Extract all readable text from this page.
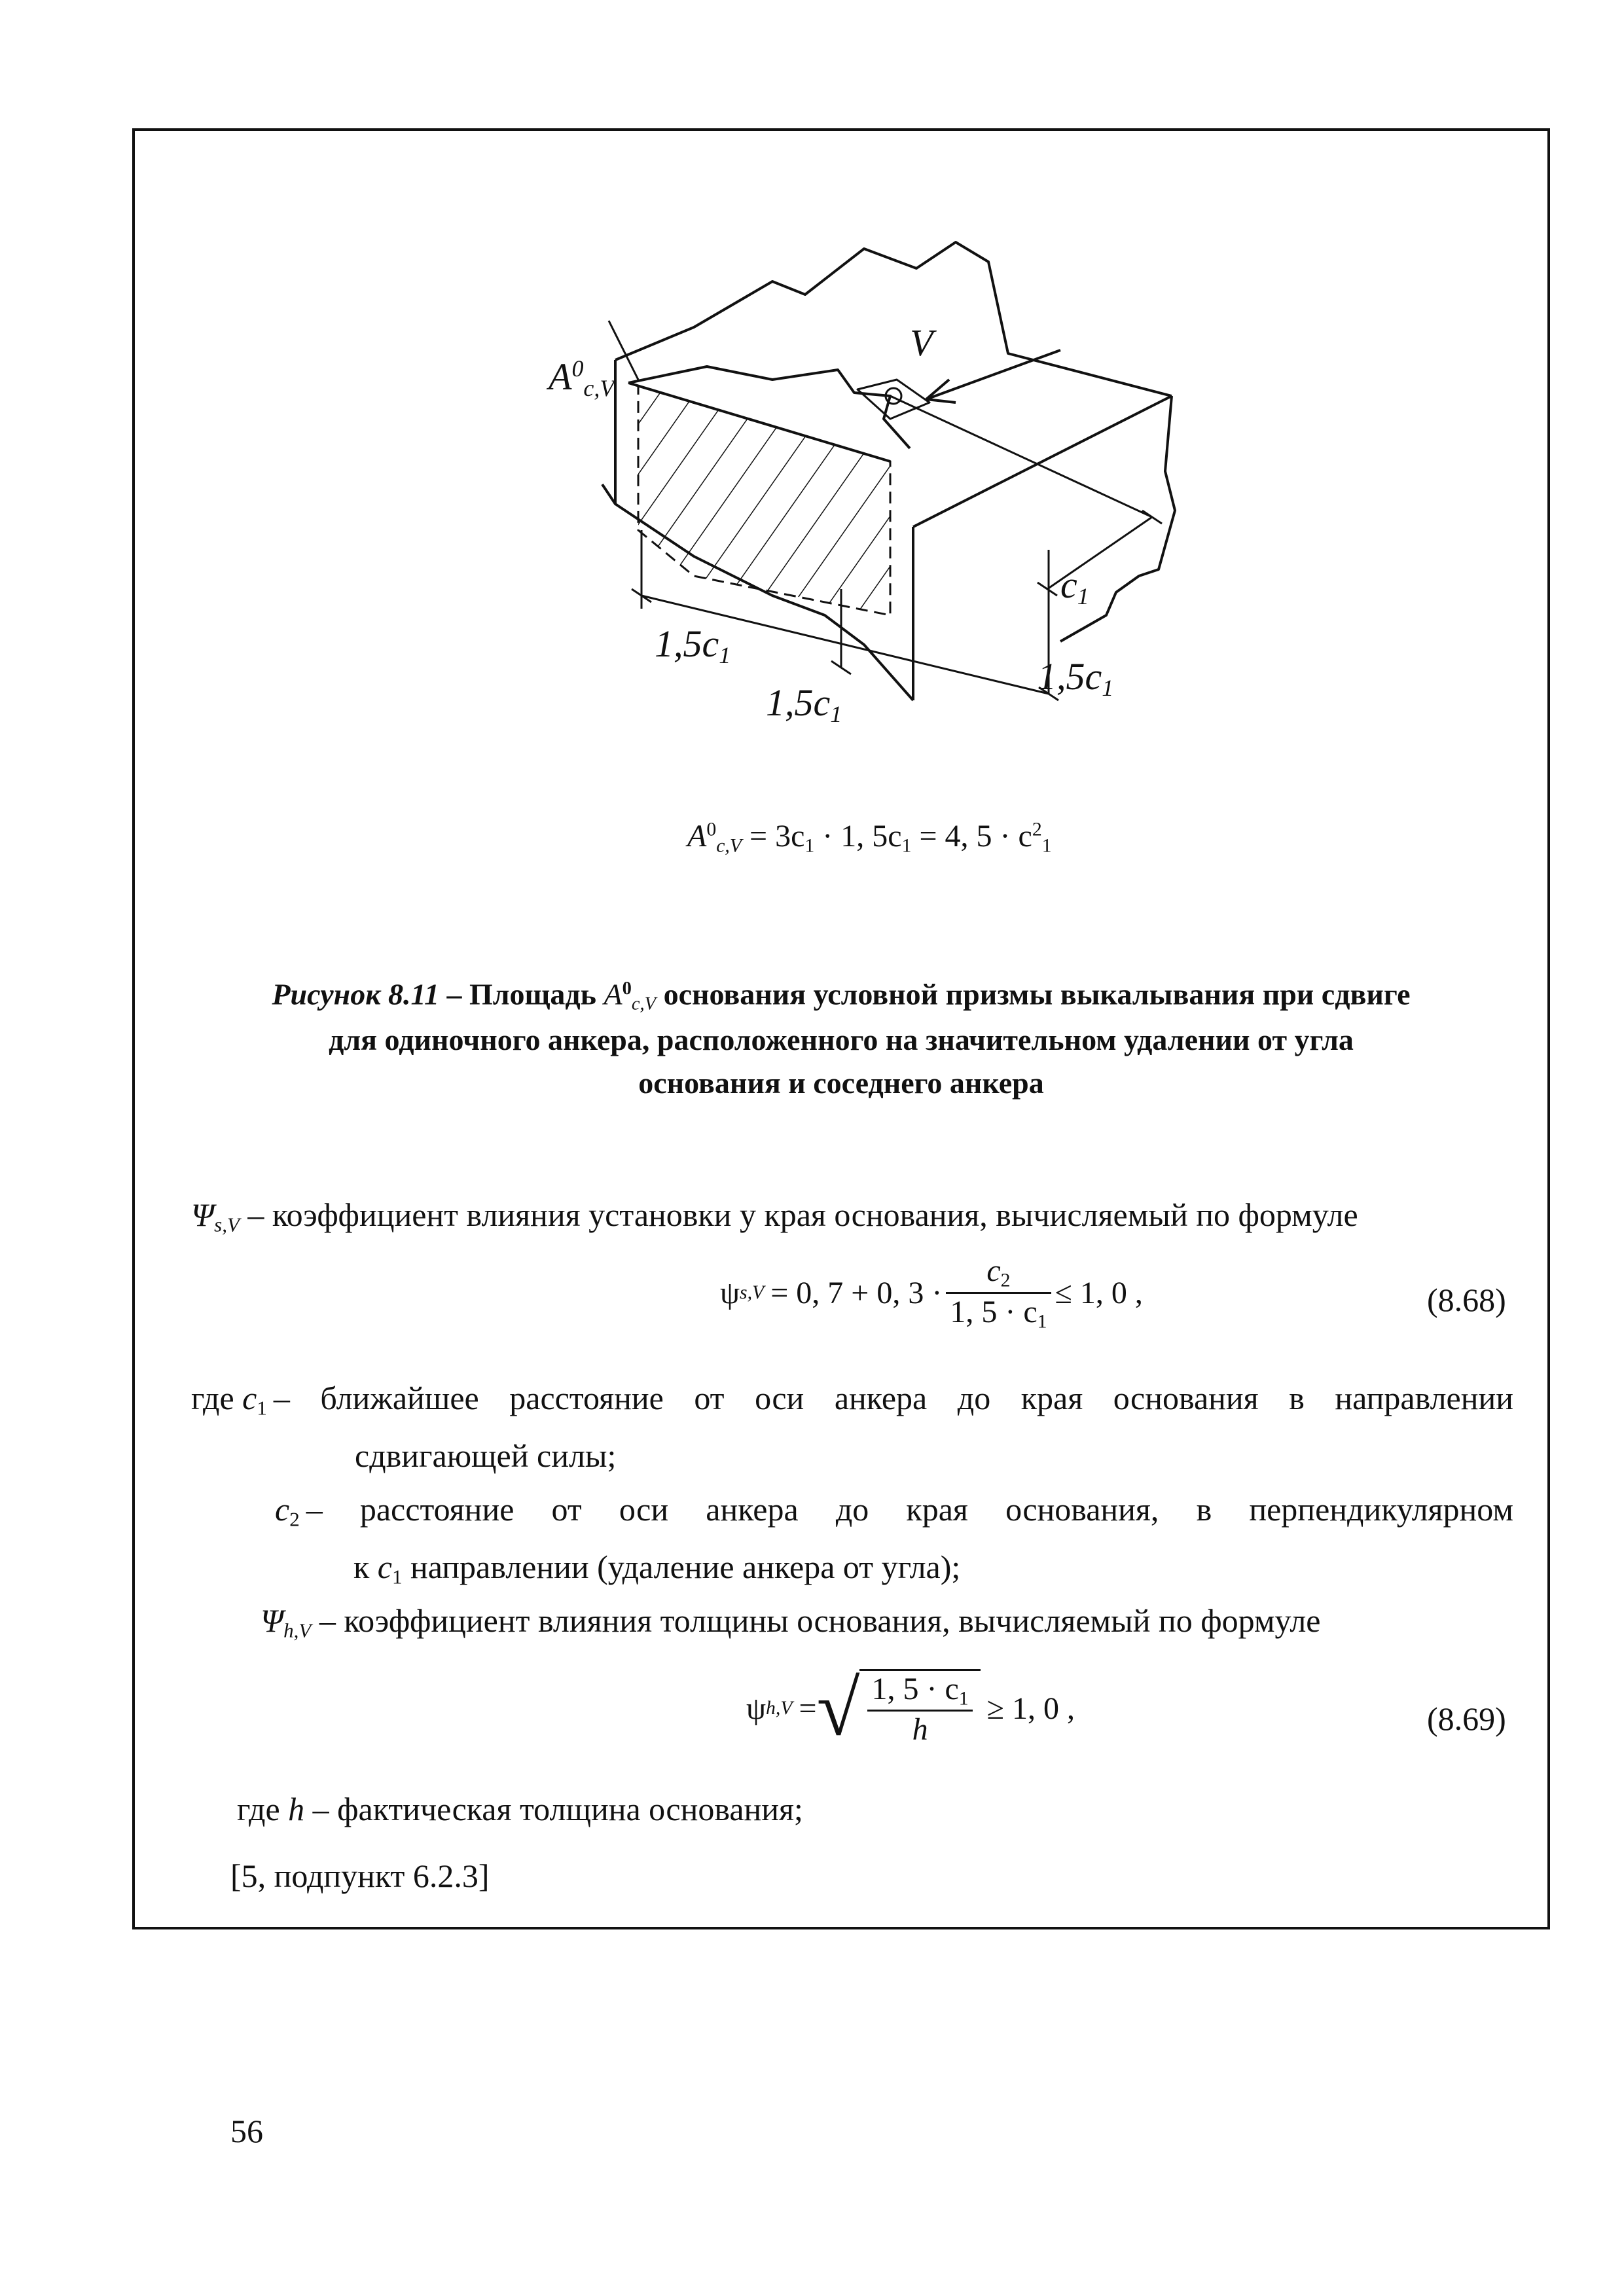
$A^0_{c,V}$
V
$c_1$
$1,5c_1$
$1,5c_1$
$1,5c_1$
$A^0_{c,V} = 3c_1 \cdot 1$, $5c_1 = 4$, $5 \cdot c^2_1$
Рисунок 8.11 – Площадь $A^0_{c,V}$ основания условной призмы выкалывания при сдвиге
для одиночного анкера, расположенного на значительном удалении от угла
основания и соседнего анкера
$\Psi_{s,V}$ – коэффициент влияния установки у края основания, вычисляемый по формуле
ψ s,V = 0, 7 + 0, $3 \cdot \frac{c_2}{1, 5 \cdot c_1} \le 1$, 0 ,	(8.68)
где $c_1$ – ближайшее расстояние от оси анкера до края основания в направлении
сдвигающей силы;
$c_2$ – расстояние от оси анкера до края основания, в перпендикулярном
к $c_1$ направлении (удаление анкера от угла);
$\Psi_{h,V}$ – коэффициент влияния толщины основания, вычисляемый по формуле
ψ h,V = √ $\frac{1, 5 \cdot c_1}{h} \ge 1$, 0 ,	(8.69)
где h – фактическая толщина основания;
[5, подпункт 6.2.3]
56
